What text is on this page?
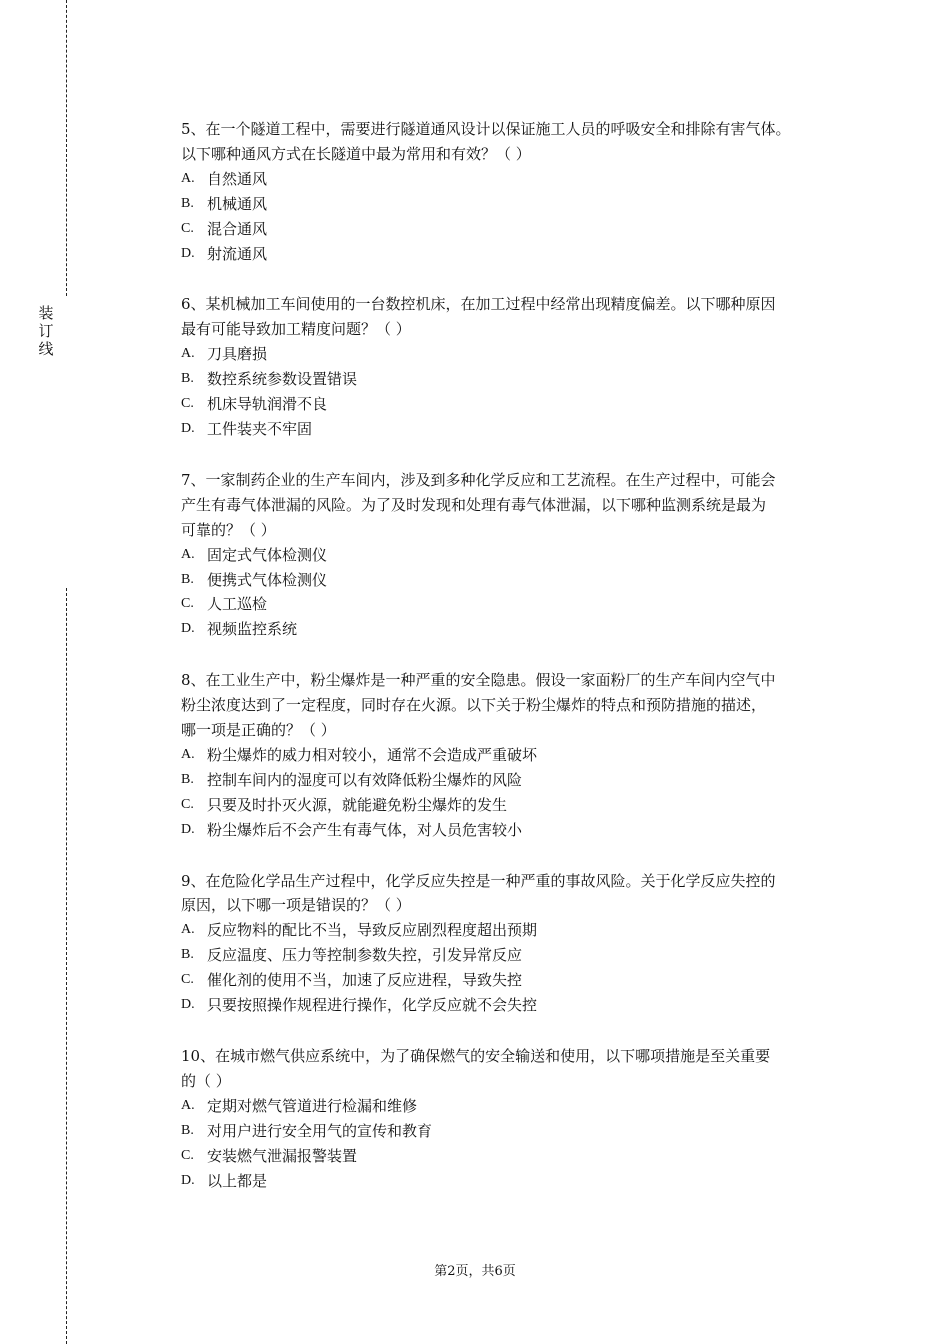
装
订
线
5、在一个隧道工程中，需要进行隧道通风设计以保证施工人员的呼吸安全和排除有害气体。
以下哪种通风方式在长隧道中最为常用和有效？（ ）
A. 自然通风
B. 机械通风
C. 混合通风
D. 射流通风
6、某机械加工车间使用的一台数控机床，在加工过程中经常出现精度偏差。以下哪种原因
最有可能导致加工精度问题？（ ）
A. 刀具磨损
B. 数控系统参数设置错误
C. 机床导轨润滑不良
D. 工件装夹不牢固
7、一家制药企业的生产车间内，涉及到多种化学反应和工艺流程。在生产过程中，可能会
产生有毒气体泄漏的风险。为了及时发现和处理有毒气体泄漏，以下哪种监测系统是最为
可靠的？（ ）
A. 固定式气体检测仪
B. 便携式气体检测仪
C. 人工巡检
D. 视频监控系统
8、在工业生产中，粉尘爆炸是一种严重的安全隐患。假设一家面粉厂的生产车间内空气中
粉尘浓度达到了一定程度，同时存在火源。以下关于粉尘爆炸的特点和预防措施的描述，
哪一项是正确的？（ ）
A. 粉尘爆炸的威力相对较小，通常不会造成严重破坏
B. 控制车间内的湿度可以有效降低粉尘爆炸的风险
C. 只要及时扑灭火源，就能避免粉尘爆炸的发生
D. 粉尘爆炸后不会产生有毒气体，对人员危害较小
9、在危险化学品生产过程中，化学反应失控是一种严重的事故风险。关于化学反应失控的
原因，以下哪一项是错误的？（ ）
A. 反应物料的配比不当，导致反应剧烈程度超出预期
B. 反应温度、压力等控制参数失控，引发异常反应
C. 催化剂的使用不当，加速了反应进程，导致失控
D. 只要按照操作规程进行操作，化学反应就不会失控
10、在城市燃气供应系统中，为了确保燃气的安全输送和使用，以下哪项措施是至关重要
的（ ）
A. 定期对燃气管道进行检漏和维修
B. 对用户进行安全用气的宣传和教育
C. 安装燃气泄漏报警装置
D. 以上都是
第2页，共6页
